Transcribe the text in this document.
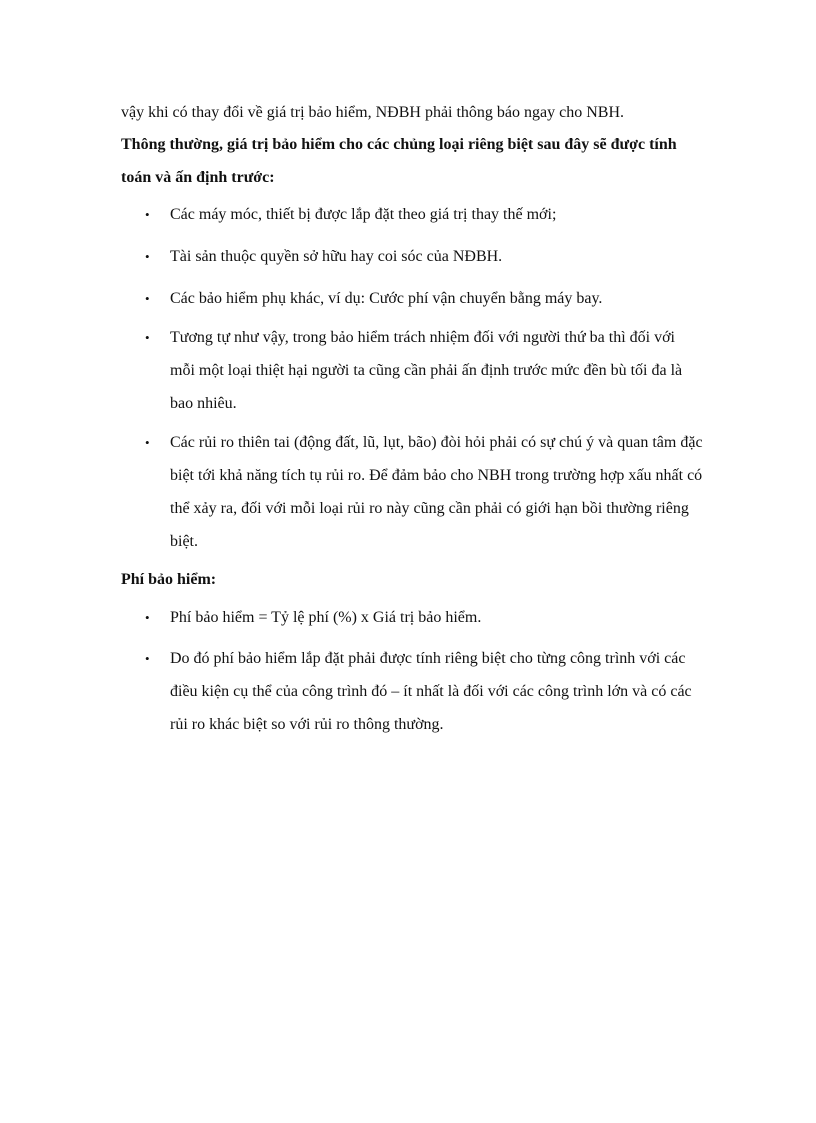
vậy khi có thay đổi về giá trị bảo hiểm, NĐBH phải thông báo ngay cho NBH.

Thông thường, giá trị bảo hiểm cho các chủng loại riêng biệt sau đây sẽ được tính toán và ấn định trước:

•	Các máy móc, thiết bị được lắp đặt theo giá trị thay thế mới;

•	Tài sản thuộc quyền sở hữu hay coi sóc của NĐBH.

•	Các bảo hiểm phụ khác, ví dụ: Cước phí vận chuyển bằng máy bay.

•	Tương tự như vậy, trong bảo hiểm trách nhiệm đối với người thứ ba thì đối với mỗi một loại thiệt hại người ta cũng cần phải ấn định trước mức đền bù tối đa là bao nhiêu.

•	Các rủi ro thiên tai (động đất, lũ, lụt, bão) đòi hỏi phải có sự chú ý và quan tâm đặc biệt tới khả năng tích tụ rủi ro. Để đảm bảo cho NBH trong trường hợp xấu nhất có thể xảy ra, đối với mỗi loại rủi ro này cũng cần phải có giới hạn bồi thường riêng biệt.

Phí bảo hiểm:

•	Phí bảo hiểm = Tỷ lệ phí (%) x Giá trị bảo hiểm.

•	Do đó phí bảo hiểm lắp đặt phải được tính riêng biệt cho từng công trình với các điều kiện cụ thể của công trình đó – ít nhất là đối với các công trình lớn và có các rủi ro khác biệt so với rủi ro thông thường.
